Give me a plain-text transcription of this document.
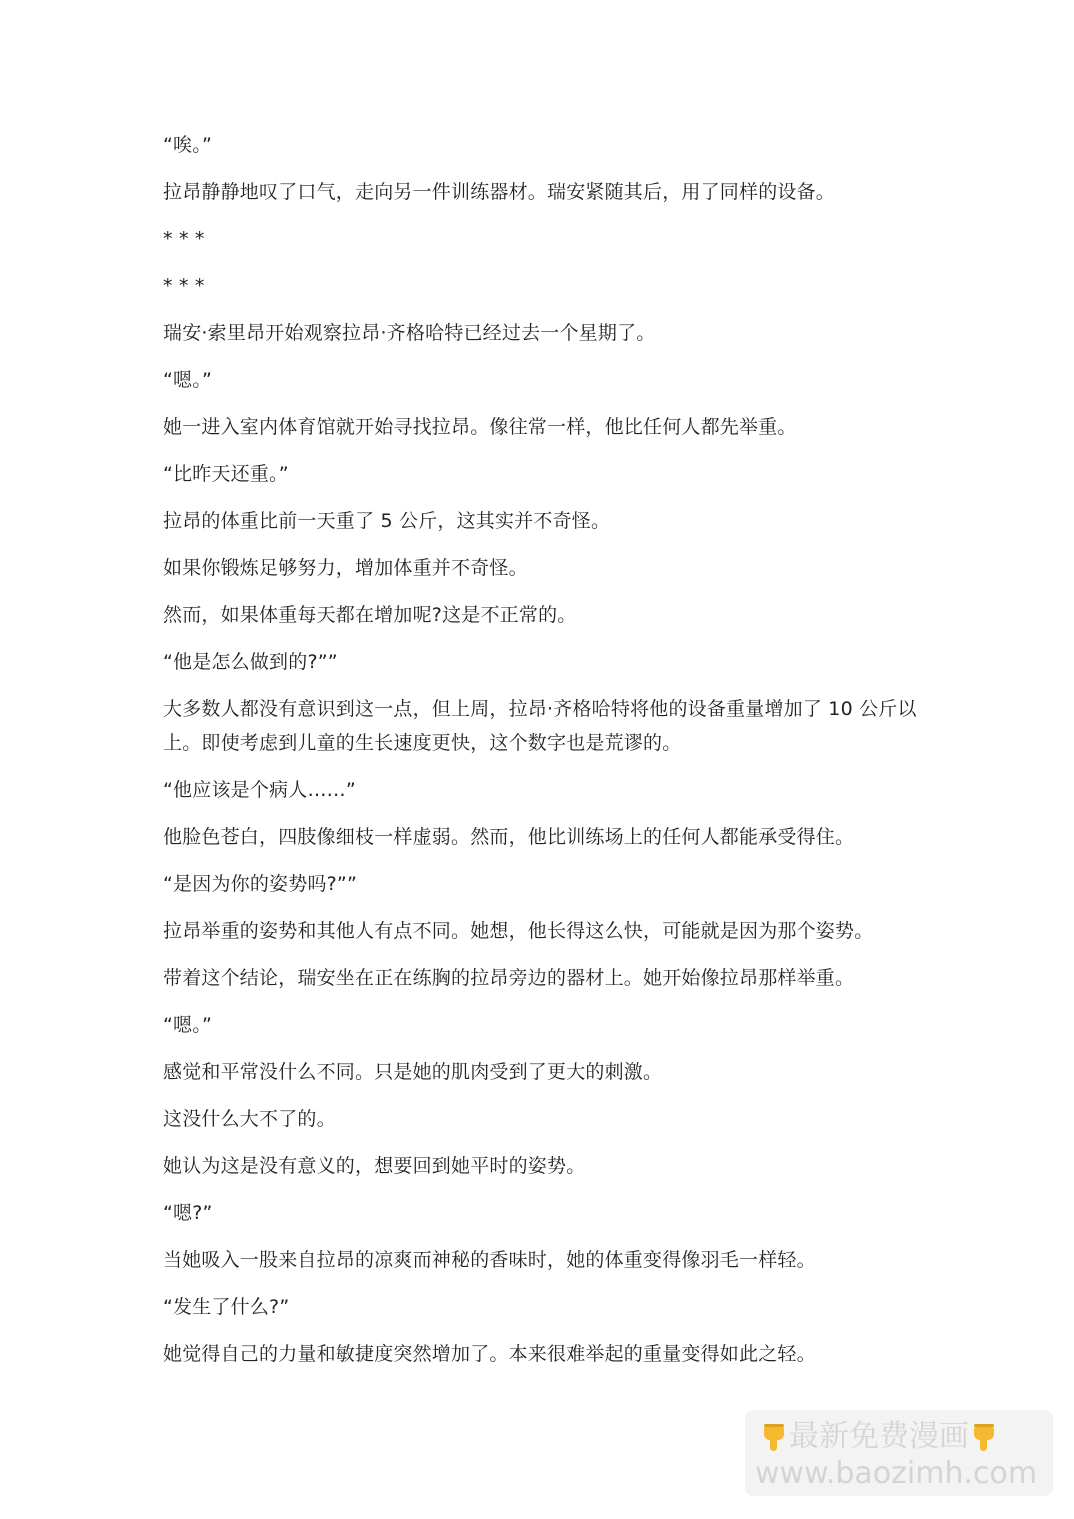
“唉。”

拉昂静静地叹了口气，走向另一件训练器材。瑞安紧随其后，用了同样的设备。

* * *

* * *

瑞安·索里昂开始观察拉昂·齐格哈特已经过去一个星期了。

“嗯。”

她一进入室内体育馆就开始寻找拉昂。像往常一样，他比任何人都先举重。

“比昨天还重。”

拉昂的体重比前一天重了 5 公斤，这其实并不奇怪。

如果你锻炼足够努力，增加体重并不奇怪。

然而，如果体重每天都在增加呢?这是不正常的。

“他是怎么做到的?””

大多数人都没有意识到这一点，但上周，拉昂·齐格哈特将他的设备重量增加了 10 公斤以上。即使考虑到儿童的生长速度更快，这个数字也是荒谬的。

“他应该是个病人……”

他脸色苍白，四肢像细枝一样虚弱。然而，他比训练场上的任何人都能承受得住。

“是因为你的姿势吗?””

拉昂举重的姿势和其他人有点不同。她想，他长得这么快，可能就是因为那个姿势。

带着这个结论，瑞安坐在正在练胸的拉昂旁边的器材上。她开始像拉昂那样举重。

“嗯。”

感觉和平常没什么不同。只是她的肌肉受到了更大的刺激。

这没什么大不了的。

她认为这是没有意义的，想要回到她平时的姿势。

“嗯?”

当她吸入一股来自拉昂的凉爽而神秘的香味时，她的体重变得像羽毛一样轻。

“发生了什么?”

她觉得自己的力量和敏捷度突然增加了。本来很难举起的重量变得如此之轻。

最新免费漫画
www.baozimh.com
